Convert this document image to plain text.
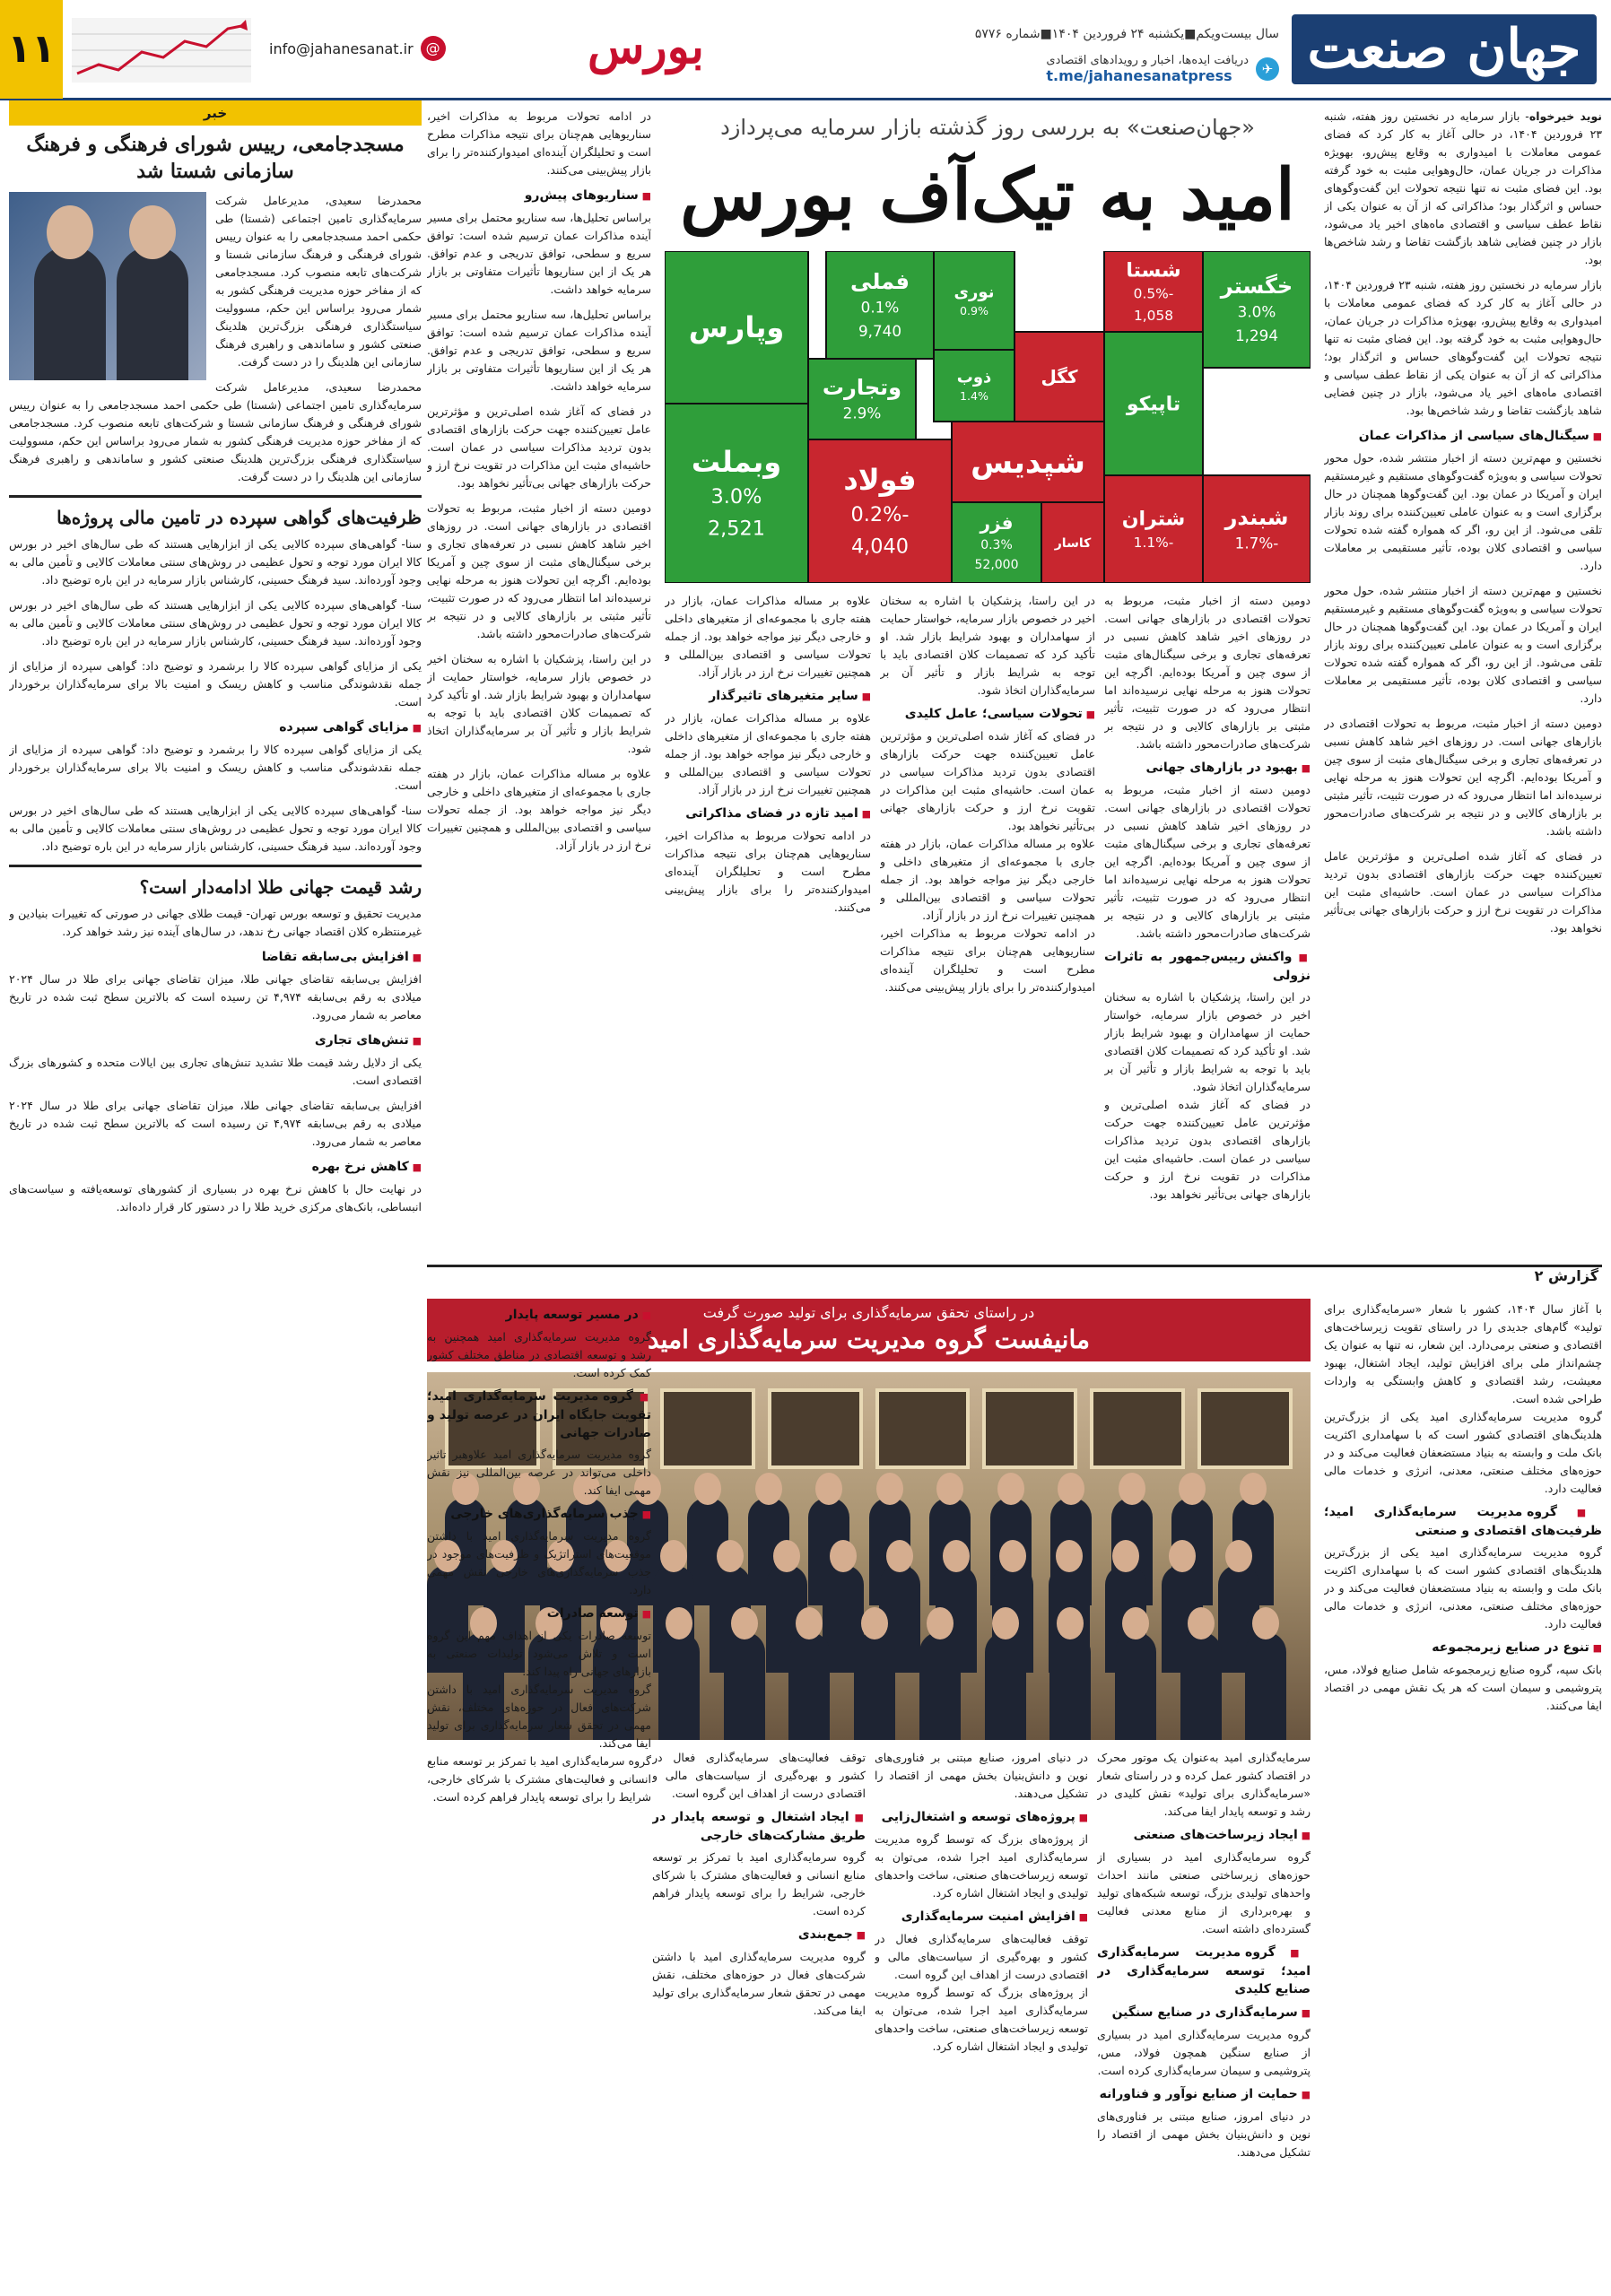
جهان صنعت
سال بیست‌ویکم■یکشنبه ۲۴ فروردین ۱۴۰۴■شماره ۵۷۷۶
✈
دریافت ایده‌ها، اخبار و رویدادهای اقتصادی
t.me/jahanesanatpress
بورس
info@jahanesanat.ir @
۱۱

نوید خیرخواه- بازار سرمایه در نخستین روز هفته، شنبه ۲۳ فروردین ۱۴۰۴، در حالی آغاز به کار کرد که فضای عمومی معاملات با امیدواری به وقایع پیش‌رو، بهویژه مذاکرات در جریان عمان، حال‌وهوایی مثبت به خود گرفته بود. این فضای مثبت نه تنها نتیجه تحولات این گفت‌وگوهای حساس و اثرگذار بود؛ مذاکراتی که از آن به عنوان یکی از نقاط عطف سیاسی و اقتصادی ماه‌های اخیر یاد می‌شود، بازار در چنین فضایی شاهد بازگشت تقاضا و رشد شاخص‌ها بود.

بازار سرمایه در نخستین روز هفته، شنبه ۲۳ فروردین ۱۴۰۴، در حالی آغاز به کار کرد که فضای عمومی معاملات با امیدواری به وقایع پیش‌رو، بهویژه مذاکرات در جریان عمان، حال‌وهوایی مثبت به خود گرفته بود. این فضای مثبت نه تنها نتیجه تحولات این گفت‌وگوهای حساس و اثرگذار بود؛ مذاکراتی که از آن به عنوان یکی از نقاط عطف سیاسی و اقتصادی ماه‌های اخیر یاد می‌شود، بازار در چنین فضایی شاهد بازگشت تقاضا و رشد شاخص‌ها بود.

■ سیگنال‌های سیاسی از مذاکرات عمان

نخستین و مهم‌ترین دسته از اخبار منتشر شده، حول محور تحولات سیاسی و به‌ویژه گفت‌وگوهای مستقیم و غیرمستقیم ایران و آمریکا در عمان بود. این گفت‌وگوها همچنان در حال برگزاری است و به عنوان عاملی تعیین‌کننده برای روند بازار تلقی می‌شود. از این رو، اگر که همواره گفته شده تحولات سیاسی و اقتصادی کلان بوده، تأثیر مستقیمی بر معاملات دارد.

نخستین و مهم‌ترین دسته از اخبار منتشر شده، حول محور تحولات سیاسی و به‌ویژه گفت‌وگوهای مستقیم و غیرمستقیم ایران و آمریکا در عمان بود. این گفت‌وگوها همچنان در حال برگزاری است و به عنوان عاملی تعیین‌کننده برای روند بازار تلقی می‌شود. از این رو، اگر که همواره گفته شده تحولات سیاسی و اقتصادی کلان بوده، تأثیر مستقیمی بر معاملات دارد.

دومین دسته از اخبار مثبت، مربوط به تحولات اقتصادی در بازارهای جهانی است. در روزهای اخیر شاهد کاهش نسبی در تعرفه‌های تجاری و برخی سیگنال‌های مثبت از سوی چین و آمریکا بوده‌ایم. اگرچه این تحولات هنوز به مرحله نهایی نرسیده‌اند اما انتظار می‌رود که در صورت تثبیت، تأثیر مثبتی بر بازارهای کالایی و در نتیجه بر شرکت‌های صادرات‌محور داشته باشد.

در فضای که آغاز شده اصلی‌ترین و مؤثرترین عامل تعیین‌کننده جهت حرکت بازارهای اقتصادی بدون تردید مذاکرات سیاسی در عمان است. حاشیه‌ای مثبت این مذاکرات در تقویت نرخ ارز و حرکت بازارهای جهانی بی‌تأثیر نخواهد بود.

«جهان‌صنعت» به بررسی روز گذشته بازار سرمایه می‌پردازد
امید به تیک‌آف بورس
وبملت
3.0%
2,521
فولاد
-0.2%
4,040
فملی
0.1%
9,740
خگستر
3.0%
1,294
شستا
-0.5%
1,058
فزر
0.3%
52,000
وتجارت
2.9%
شپدیس
کاسار
شتران
-1.1%
شبندر
-1.7%
نوری
0.9%
کگل
ذوب
1.4%
وپارس
تاپیکو

دومین دسته از اخبار مثبت، مربوط به تحولات اقتصادی در بازارهای جهانی است. در روزهای اخیر شاهد کاهش نسبی در تعرفه‌های تجاری و برخی سیگنال‌های مثبت از سوی چین و آمریکا بوده‌ایم. اگرچه این تحولات هنوز به مرحله نهایی نرسیده‌اند اما انتظار می‌رود که در صورت تثبیت، تأثیر مثبتی بر بازارهای کالایی و در نتیجه بر شرکت‌های صادرات‌محور داشته باشد.

■ بهبود در بازارهای جهانی

دومین دسته از اخبار مثبت، مربوط به تحولات اقتصادی در بازارهای جهانی است. در روزهای اخیر شاهد کاهش نسبی در تعرفه‌های تجاری و برخی سیگنال‌های مثبت از سوی چین و آمریکا بوده‌ایم. اگرچه این تحولات هنوز به مرحله نهایی نرسیده‌اند اما انتظار می‌رود که در صورت تثبیت، تأثیر مثبتی بر بازارهای کالایی و در نتیجه بر شرکت‌های صادرات‌محور داشته باشد.

■ واکنش رییس‌جمهور به تاثرات نزولی

در این راستا، پزشکیان با اشاره به سخنان اخیر در خصوص بازار سرمایه، خواستار حمایت از سهامداران و بهبود شرایط بازار شد. او تأکید کرد که تصمیمات کلان اقتصادی باید با توجه به شرایط بازار و تأثیر آن بر سرمایه‌گذاران اتخاذ شود.

در فضای که آغاز شده اصلی‌ترین و مؤثرترین عامل تعیین‌کننده جهت حرکت بازارهای اقتصادی بدون تردید مذاکرات سیاسی در عمان است. حاشیه‌ای مثبت این مذاکرات در تقویت نرخ ارز و حرکت بازارهای جهانی بی‌تأثیر نخواهد بود.

در این راستا، پزشکیان با اشاره به سخنان اخیر در خصوص بازار سرمایه، خواستار حمایت از سهامداران و بهبود شرایط بازار شد. او تأکید کرد که تصمیمات کلان اقتصادی باید با توجه به شرایط بازار و تأثیر آن بر سرمایه‌گذاران اتخاذ شود.

■ تحولات سیاسی؛ عامل کلیدی

در فضای که آغاز شده اصلی‌ترین و مؤثرترین عامل تعیین‌کننده جهت حرکت بازارهای اقتصادی بدون تردید مذاکرات سیاسی در عمان است. حاشیه‌ای مثبت این مذاکرات در تقویت نرخ ارز و حرکت بازارهای جهانی بی‌تأثیر نخواهد بود.

علاوه بر مساله مذاکرات عمان، بازار در هفته جاری با مجموعه‌ای از متغیرهای داخلی و خارجی دیگر نیز مواجه خواهد بود. از جمله تحولات سیاسی و اقتصادی بین‌المللی و همچنین تغییرات نرخ ارز در بازار آزاد.

در ادامه تحولات مربوط به مذاکرات اخیر، سناریوهایی هم‌چنان برای نتیجه مذاکرات مطرح است و تحلیلگران آینده‌ای امیدوارکننده‌تر را برای بازار پیش‌بینی می‌کنند.

علاوه بر مساله مذاکرات عمان، بازار در هفته جاری با مجموعه‌ای از متغیرهای داخلی و خارجی دیگر نیز مواجه خواهد بود. از جمله تحولات سیاسی و اقتصادی بین‌المللی و همچنین تغییرات نرخ ارز در بازار آزاد.

■ سایر متغیرهای تاثیرگذار

علاوه بر مساله مذاکرات عمان، بازار در هفته جاری با مجموعه‌ای از متغیرهای داخلی و خارجی دیگر نیز مواجه خواهد بود. از جمله تحولات سیاسی و اقتصادی بین‌المللی و همچنین تغییرات نرخ ارز در بازار آزاد.

■ امید تازه در فضای مذاکراتی

در ادامه تحولات مربوط به مذاکرات اخیر، سناریوهایی هم‌چنان برای نتیجه مذاکرات مطرح است و تحلیلگران آینده‌ای امیدوارکننده‌تر را برای بازار پیش‌بینی می‌کنند.

در ادامه تحولات مربوط به مذاکرات اخیر، سناریوهایی هم‌چنان برای نتیجه مذاکرات مطرح است و تحلیلگران آینده‌ای امیدوارکننده‌تر را برای بازار پیش‌بینی می‌کنند.

■ سناریوهای پیش‌رو

براساس تحلیل‌ها، سه سناریو محتمل برای مسیر آینده مذاکرات عمان ترسیم شده است: توافق سریع و سطحی، توافق تدریجی و عدم توافق. هر یک از این سناریوها تأثیرات متفاوتی بر بازار سرمایه خواهد داشت.

براساس تحلیل‌ها، سه سناریو محتمل برای مسیر آینده مذاکرات عمان ترسیم شده است: توافق سریع و سطحی، توافق تدریجی و عدم توافق. هر یک از این سناریوها تأثیرات متفاوتی بر بازار سرمایه خواهد داشت.

در فضای که آغاز شده اصلی‌ترین و مؤثرترین عامل تعیین‌کننده جهت حرکت بازارهای اقتصادی بدون تردید مذاکرات سیاسی در عمان است. حاشیه‌ای مثبت این مذاکرات در تقویت نرخ ارز و حرکت بازارهای جهانی بی‌تأثیر نخواهد بود.

دومین دسته از اخبار مثبت، مربوط به تحولات اقتصادی در بازارهای جهانی است. در روزهای اخیر شاهد کاهش نسبی در تعرفه‌های تجاری و برخی سیگنال‌های مثبت از سوی چین و آمریکا بوده‌ایم. اگرچه این تحولات هنوز به مرحله نهایی نرسیده‌اند اما انتظار می‌رود که در صورت تثبیت، تأثیر مثبتی بر بازارهای کالایی و در نتیجه بر شرکت‌های صادرات‌محور داشته باشد.

در این راستا، پزشکیان با اشاره به سخنان اخیر در خصوص بازار سرمایه، خواستار حمایت از سهامداران و بهبود شرایط بازار شد. او تأکید کرد که تصمیمات کلان اقتصادی باید با توجه به شرایط بازار و تأثیر آن بر سرمایه‌گذاران اتخاذ شود.

علاوه بر مساله مذاکرات عمان، بازار در هفته جاری با مجموعه‌ای از متغیرهای داخلی و خارجی دیگر نیز مواجه خواهد بود. از جمله تحولات سیاسی و اقتصادی بین‌المللی و همچنین تغییرات نرخ ارز در بازار آزاد.

خبر
مسجدجامعی، رییس شورای فرهنگی و فرهنگ سازمانی شستا شد

محمدرضا سعیدی، مدیرعامل شرکت سرمایه‌گذاری تامین اجتماعی (شستا) طی حکمی احمد مسجدجامعی را به عنوان رییس شورای فرهنگی و فرهنگ سازمانی شستا و شرکت‌های تابعه منصوب کرد. مسجدجامعی که از مفاخر حوزه مدیریت فرهنگی کشور به شمار می‌رود براساس این حکم، مسوولیت سیاستگذاری فرهنگی بزرگ‌ترین هلدینگ صنعتی کشور و ساماندهی و راهبری فرهنگ سازمانی این هلدینگ را در دست گرفت.

محمدرضا سعیدی، مدیرعامل شرکت سرمایه‌گذاری تامین اجتماعی (شستا) طی حکمی احمد مسجدجامعی را به عنوان رییس شورای فرهنگی و فرهنگ سازمانی شستا و شرکت‌های تابعه منصوب کرد. مسجدجامعی که از مفاخر حوزه مدیریت فرهنگی کشور به شمار می‌رود براساس این حکم، مسوولیت سیاستگذاری فرهنگی بزرگ‌ترین هلدینگ صنعتی کشور و ساماندهی و راهبری فرهنگ سازمانی این هلدینگ را در دست گرفت.

ظرفیت‌های گواهی سپرده در تامین مالی پروژه‌ها

سنا- گواهی‌های سپرده کالایی یکی از ابزارهایی هستند که طی سال‌های اخیر در بورس کالا ایران مورد توجه و تحول عظیمی در روش‌های سنتی معاملات کالایی و تأمین مالی به وجود آورده‌اند. سید فرهنگ حسینی، کارشناس بازار سرمایه در این باره توضیح داد.

سنا- گواهی‌های سپرده کالایی یکی از ابزارهایی هستند که طی سال‌های اخیر در بورس کالا ایران مورد توجه و تحول عظیمی در روش‌های سنتی معاملات کالایی و تأمین مالی به وجود آورده‌اند. سید فرهنگ حسینی، کارشناس بازار سرمایه در این باره توضیح داد.

یکی از مزایای گواهی سپرده کالا را برشمرد و توضیح داد: گواهی سپرده از مزایای از جمله نقدشوندگی مناسب و کاهش ریسک و امنیت بالا برای سرمایه‌گذاران برخوردار است.

■ مزایای گواهی سپرده

یکی از مزایای گواهی سپرده کالا را برشمرد و توضیح داد: گواهی سپرده از مزایای از جمله نقدشوندگی مناسب و کاهش ریسک و امنیت بالا برای سرمایه‌گذاران برخوردار است.

سنا- گواهی‌های سپرده کالایی یکی از ابزارهایی هستند که طی سال‌های اخیر در بورس کالا ایران مورد توجه و تحول عظیمی در روش‌های سنتی معاملات کالایی و تأمین مالی به وجود آورده‌اند. سید فرهنگ حسینی، کارشناس بازار سرمایه در این باره توضیح داد.

رشد قیمت جهانی طلا ادامه‌دار است؟

مدیریت تحقیق و توسعه بورس تهران- قیمت طلای جهانی در صورتی که تغییرات بنیادین و غیرمنتظره کلان اقتصاد جهانی رخ ندهد، در سال‌های آینده نیز رشد خواهد کرد.

■ افزایش بی‌سابقه تقاضا

افزایش بی‌سابقه تقاضای جهانی طلا، میزان تقاضای جهانی برای طلا در سال ۲۰۲۴ میلادی به رقم بی‌سابقه ۴,۹۷۴ تن رسیده است که بالاترین سطح ثبت شده در تاریخ معاصر به شمار می‌رود.

■ تنش‌های تجاری

یکی از دلایل رشد قیمت طلا تشدید تنش‌های تجاری بین ایالات متحده و کشورهای بزرگ اقتصادی است.

افزایش بی‌سابقه تقاضای جهانی طلا، میزان تقاضای جهانی برای طلا در سال ۲۰۲۴ میلادی به رقم بی‌سابقه ۴,۹۷۴ تن رسیده است که بالاترین سطح ثبت شده در تاریخ معاصر به شمار می‌رود.

■ کاهش نرخ بهره

در نهایت حال با کاهش نرخ بهره در بسیاری از کشورهای توسعه‌یافته و سیاست‌های انبساطی، بانک‌های مرکزی خرید طلا را در دستور کار قرار داده‌اند.

گزارش ۲
در راستای تحقق سرمایه‌گذاری برای تولید صورت گرفت
مانیفست گروه مدیریت سرمایه‌گذاری امید

با آغاز سال ۱۴۰۴، کشور با شعار «سرمایه‌گذاری برای تولید» گام‌های جدیدی را در راستای تقویت زیرساخت‌های اقتصادی و صنعتی برمی‌دارد. این شعار، نه تنها به عنوان یک چشم‌انداز ملی برای افزایش تولید، ایجاد اشتغال، بهبود معیشت، رشد اقتصادی و کاهش وابستگی به واردات طراحی شده است.

گروه مدیریت سرمایه‌گذاری امید یکی از بزرگ‌ترین هلدینگ‌های اقتصادی کشور است که با سهامداری اکثریت بانک ملت و وابسته به بنیاد مستضعفان فعالیت می‌کند و در حوزه‌های مختلف صنعتی، معدنی، انرژی و خدمات مالی فعالیت دارد.

■ گروه مدیریت سرمایه‌گذاری امید؛ ظرفیت‌های اقتصادی و صنعتی

گروه مدیریت سرمایه‌گذاری امید یکی از بزرگ‌ترین هلدینگ‌های اقتصادی کشور است که با سهامداری اکثریت بانک ملت و وابسته به بنیاد مستضعفان فعالیت می‌کند و در حوزه‌های مختلف صنعتی، معدنی، انرژی و خدمات مالی فعالیت دارد.

■ تنوع در صنایع زیرمجموعه

بانک سپه، گروه صنایع زیرمجموعه شامل صنایع فولاد، مس، پتروشیمی و سیمان است که هر یک نقش مهمی در اقتصاد ایفا می‌کنند.

سرمایه‌گذاری امید به‌عنوان یک موتور محرک در اقتصاد کشور عمل کرده و در راستای شعار «سرمایه‌گذاری برای تولید» نقش کلیدی در رشد و توسعه پایدار ایفا می‌کند.

■ ایجاد زیرساخت‌های صنعتی

گروه سرمایه‌گذاری امید در بسیاری از حوزه‌های زیرساختی صنعتی مانند احداث واحدهای تولیدی بزرگ، توسعه شبکه‌های تولید و بهره‌برداری از منابع معدنی فعالیت گسترده‌ای داشته است.

■ گروه مدیریت سرمایه‌گذاری امید؛ توسعه سرمایه‌گذاری در صنایع کلیدی
■ سرمایه‌گذاری در صنایع سنگین

گروه مدیریت سرمایه‌گذاری امید در بسیاری از صنایع سنگین همچون فولاد، مس، پتروشیمی و سیمان سرمایه‌گذاری کرده است.

■ حمایت از صنایع نوآور و فناورانه

در دنیای امروز، صنایع مبتنی بر فناوری‌های نوین و دانش‌بنیان بخش مهمی از اقتصاد را تشکیل می‌دهند.

در دنیای امروز، صنایع مبتنی بر فناوری‌های نوین و دانش‌بنیان بخش مهمی از اقتصاد را تشکیل می‌دهند.

■ پروژه‌های توسعه و اشتغال‌زایی

از پروژه‌های بزرگ که توسط گروه مدیریت سرمایه‌گذاری امید اجرا شده، می‌توان به توسعه زیرساخت‌های صنعتی، ساخت واحدهای تولیدی و ایجاد اشتغال اشاره کرد.

■ افزایش امنیت سرمایه‌گذاری

توقف فعالیت‌های سرمایه‌گذاری فعال در کشور و بهره‌گیری از سیاست‌های مالی و اقتصادی درست از اهداف این گروه است.

از پروژه‌های بزرگ که توسط گروه مدیریت سرمایه‌گذاری امید اجرا شده، می‌توان به توسعه زیرساخت‌های صنعتی، ساخت واحدهای تولیدی و ایجاد اشتغال اشاره کرد.

توقف فعالیت‌های سرمایه‌گذاری فعال در کشور و بهره‌گیری از سیاست‌های مالی و اقتصادی درست از اهداف این گروه است.

■ ایجاد اشتغال و توسعه پایدار در طریق مشارکت‌های خارجی

گروه سرمایه‌گذاری امید با تمرکز بر توسعه منابع انسانی و فعالیت‌های مشترک با شرکای خارجی، شرایط را برای توسعه پایدار فراهم کرده است.

■ جمع‌بندی

گروه مدیریت سرمایه‌گذاری امید با داشتن شرکت‌های فعال در حوزه‌های مختلف، نقش مهمی در تحقق شعار سرمایه‌گذاری برای تولید ایفا می‌کند.

■ در مسیر توسعه پایدار

گروه مدیریت سرمایه‌گذاری امید همچنین به رشد و توسعه اقتصادی در مناطق مختلف کشور کمک کرده است.

■ گروه مدیریت سرمایه‌گذاری امید؛ تقویت جایگاه ایران در عرصه تولید و صادرات جهانی

گروه مدیریت سرمایه‌گذاری امید علاوهبر تاثیر داخلی می‌تواند در عرصه بین‌المللی نیز نقش مهمی ایفا کند.

■ جذب سرمایه‌گذاری‌های خارجی

گروه مدیریت سرمایه‌گذاری امید با داشتن موقعیت‌های استراتژیک و ظرفیت‌های موجود در جذب سرمایه‌گذاری‌های خارجی نقش مهمی دارد.

■ توسعه صادرات

توسعه صادرات یکی از اهداف مهم این گروه است و تلاش می‌شود تولیدات صنعتی به بازارهای جهانی راه پیدا کند.

گروه مدیریت سرمایه‌گذاری امید با داشتن شرکت‌های فعال در حوزه‌های مختلف، نقش مهمی در تحقق شعار سرمایه‌گذاری برای تولید ایفا می‌کند.

گروه سرمایه‌گذاری امید با تمرکز بر توسعه منابع انسانی و فعالیت‌های مشترک با شرکای خارجی، شرایط را برای توسعه پایدار فراهم کرده است.
